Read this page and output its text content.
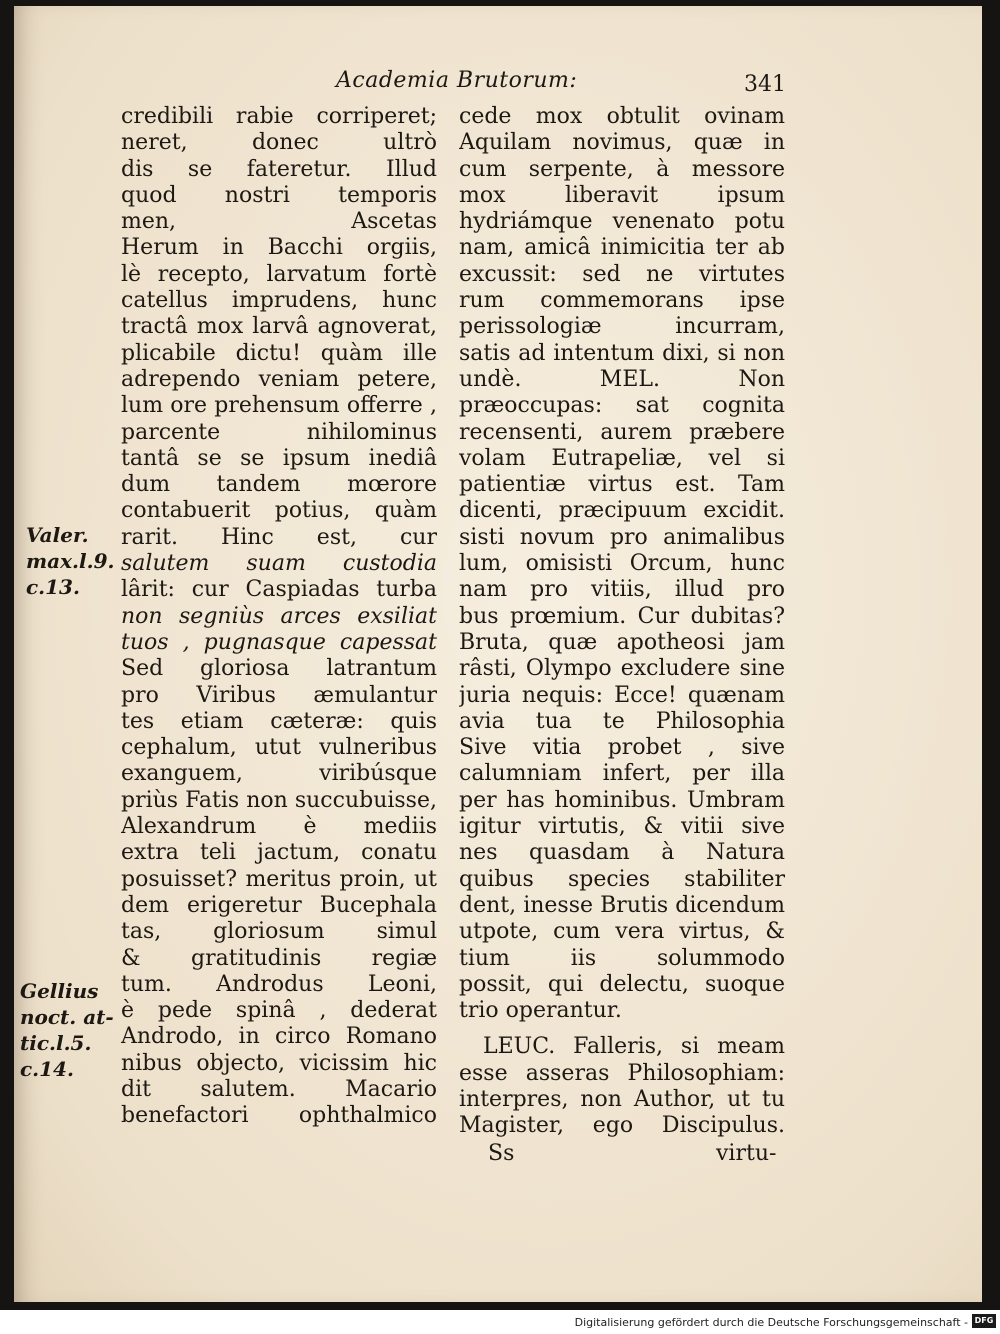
Academia Brutorum:	341
credibili rabie corriperet;
neret, donec ultrò
dis se fateretur. Illud
quod nostri temporis
men, Ascetas
Herum in Bacchi orgiis,
lè recepto, larvatum fortè
catellus imprudens, hunc
tractâ mox larvâ agnoverat,
plicabile dictu! quàm ille
adrependo veniam petere,
lum ore prehensum offerre ,
parcente nihilominus
tantâ se se ipsum inediâ
dum tandem mœrore
contabuerit potius, quàm
rarit. Hinc est, cur
salutem suam custodia
lârit: cur Caspiadas turba
non segniùs arces exsiliat
tuos , pugnasque capessat
Sed gloriosa latrantum
pro Viribus æmulantur
tes etiam cæteræ: quis
cephalum, utut vulneribus
exanguem, viribúsque
priùs Fatis non succubuisse,
Alexandrum è mediis
extra teli jactum, conatu
posuisset? meritus proin, ut
dem erigeretur Bucephala
tas, gloriosum simul
& gratitudinis regiæ
tum. Androdus Leoni,
è pede spinâ , dederat
Androdo, in circo Romano
nibus objecto, vicissim hic
dit salutem. Macario
benefactori ophthalmico
cede mox obtulit ovinam
Aquilam novimus, quæ in
cum serpente, à messore
mox liberavit ipsum
hydriámque venenato potu
nam, amicâ inimicitia ter ab
excussit: sed ne virtutes
rum commemorans ipse
perissologiæ incurram,
satis ad intentum dixi, si non
undè. MEL. Non
præoccupas: sat cognita
recensenti, aurem præbere
volam Eutrapeliæ, vel si
patientiæ virtus est. Tam
dicenti, præcipuum excidit.
sisti novum pro animalibus
lum, omisisti Orcum, hunc
nam pro vitiis, illud pro
bus prœmium. Cur dubitas?
Bruta, quæ apotheosi jam
râsti, Olympo excludere sine
juria nequis: Ecce! quænam
avia tua te Philosophia
Sive vitia probet , sive
calumniam infert, per illa
per has hominibus. Umbram
igitur virtutis, & vitii sive
nes quasdam à Natura
quibus species stabiliter
dent, inesse Brutis dicendum
utpote, cum vera virtus, &
tium iis solummodo
possit, qui delectu, suoque
trio operantur.
LEUC. Falleris, si meam
esse asseras Philosophiam:
interpres, non Author, ut tu
Magister, ego Discipulus.
Valer.
max.l.9.
c.13.
Gellius
noct. at-
tic.l.5.
c.14.
Ss	virtu-
Digitalisierung gefördert durch die Deutsche Forschungsgemeinschaft - DFG
